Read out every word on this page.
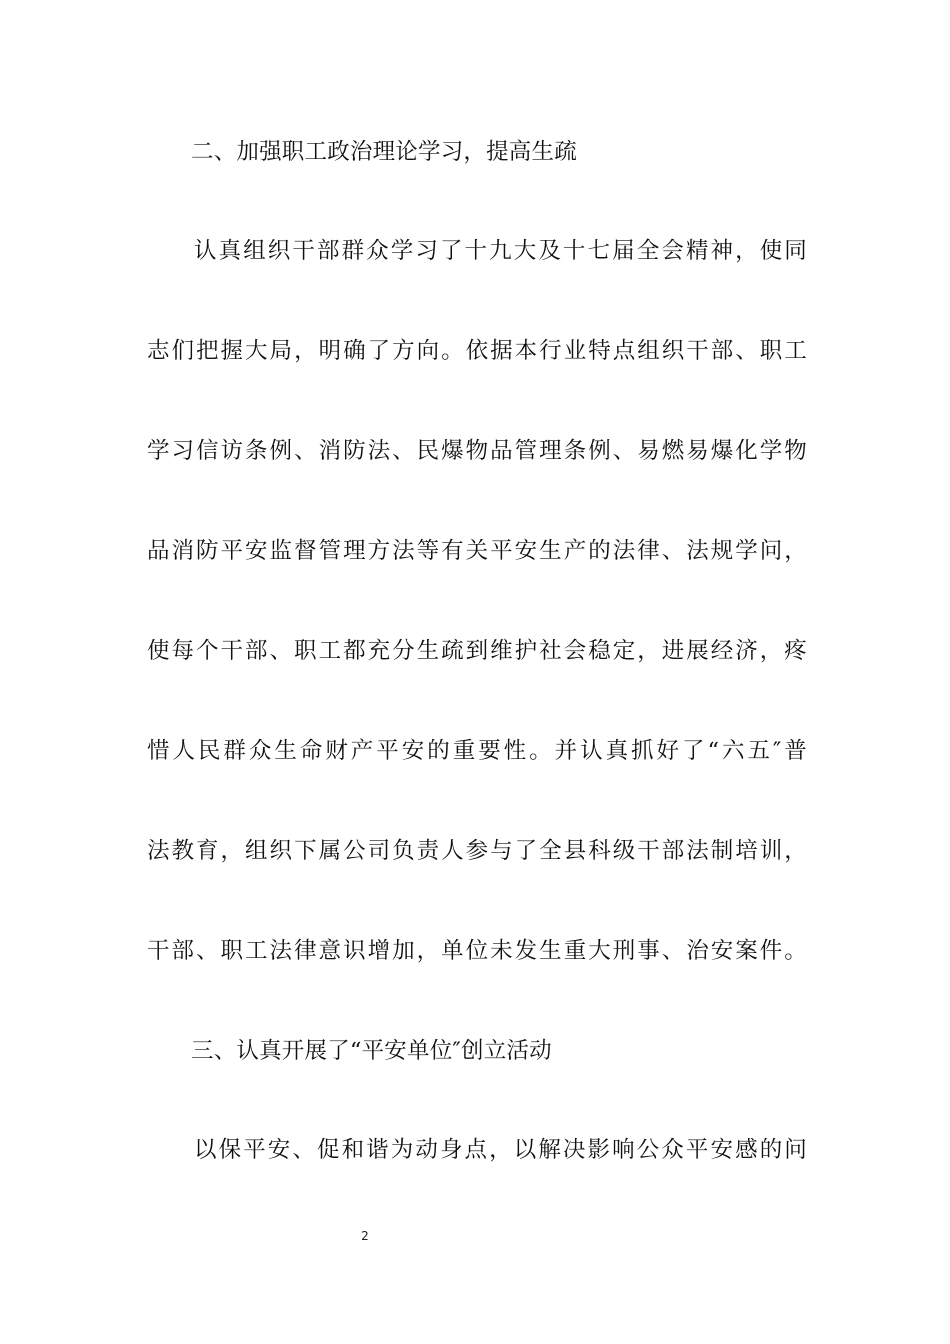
二、加强职工政治理论学习，提高生疏
认真组织干部群众学习了十九大及十七届全会精神，使同
志们把握大局，明确了方向。依据本行业特点组织干部、职工
学习信访条例、消防法、民爆物品管理条例、易燃易爆化学物
品消防平安监督管理方法等有关平安生产的法律、法规学问，
使每个干部、职工都充分生疏到维护社会稳定，进展经济，疼
惜人民群众生命财产平安的重要性。并认真抓好了“六五″普
法教育，组织下属公司负责人参与了全县科级干部法制培训，
干部、职工法律意识增加，单位未发生重大刑事、治安案件。
三、认真开展了“平安单位″创立活动
以保平安、促和谐为动身点，以解决影响公众平安感的问
2
